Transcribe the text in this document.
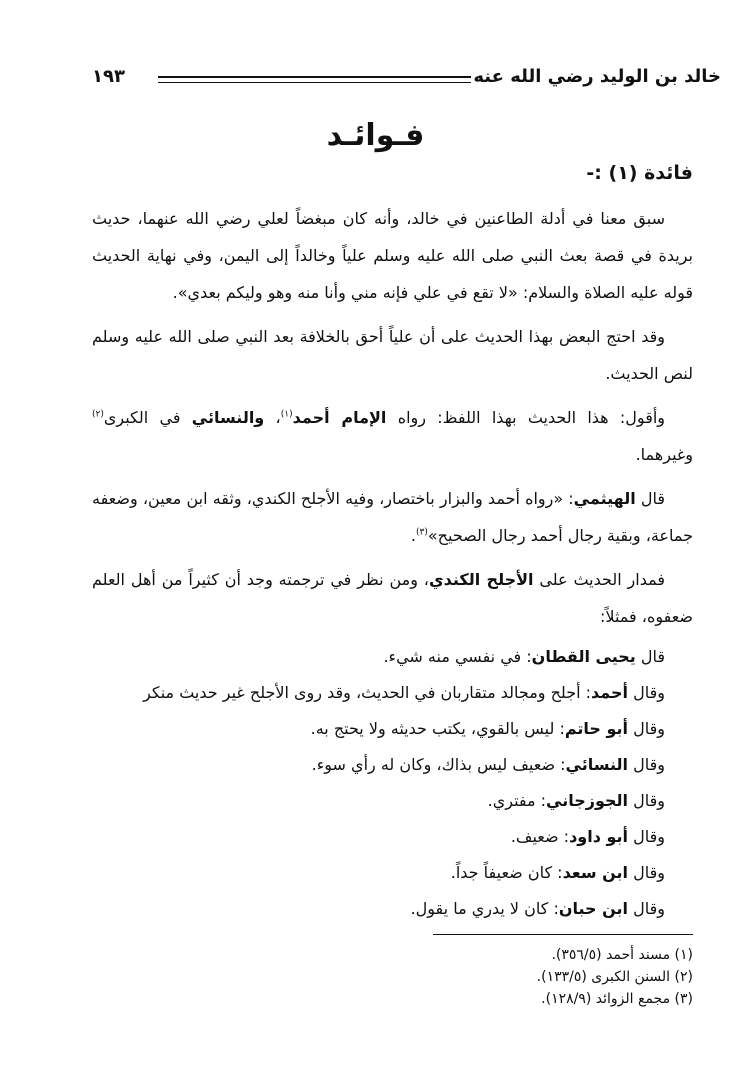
خالد بن الوليد رضي الله عنه
١٩٣
فـوائـد
فائدة (١) :-

سبق معنا في أدلة الطاعنين في خالد، وأنه كان مبغضاً لعلي رضي الله عنهما، حديث بريدة في قصة بعث النبي صلى الله عليه وسلم علياً وخالداً إلى اليمن، وفي نهاية الحديث قوله عليه الصلاة والسلام: «لا تقع في علي فإنه مني وأنا منه وهو وليكم بعدي».

وقد احتج البعض بهذا الحديث على أن علياً أحق بالخلافة بعد النبي صلى الله عليه وسلم لنص الحديث.

وأقول: هذا الحديث بهذا اللفظ: رواه الإمام أحمد$^{(١)}$، والنسائي في الكبرى$^{(٢)}$ وغيرهما.

قال الهيثمي: «رواه أحمد والبزار باختصار، وفيه الأجلح الكندي، وثقه ابن معين، وضعفه جماعة، وبقية رجال أحمد رجال الصحيح»$^{(٣)}$.

فمدار الحديث على الأجلح الكندي، ومن نظر في ترجمته وجد أن كثيراً من أهل العلم ضعفوه، فمثلاً:

قال يحيى القطان: في نفسي منه شيء.
وقال أحمد: أجلح ومجالد متقاربان في الحديث، وقد روى الأجلح غير حديث منكر
وقال أبو حاتم: ليس بالقوي، يكتب حديثه ولا يحتج به.
وقال النسائي: ضعيف ليس بذاك، وكان له رأي سوء.
وقال الجوزجاني: مفتري.
وقال أبو داود: ضعيف.
وقال ابن سعد: كان ضعيفاً جداً.
وقال ابن حبان: كان لا يدري ما يقول.
(١) مسند أحمد (٣٥٦/٥).
(٢) السنن الكبرى (١٣٣/٥).
(٣) مجمع الزوائد (١٢٨/٩).
